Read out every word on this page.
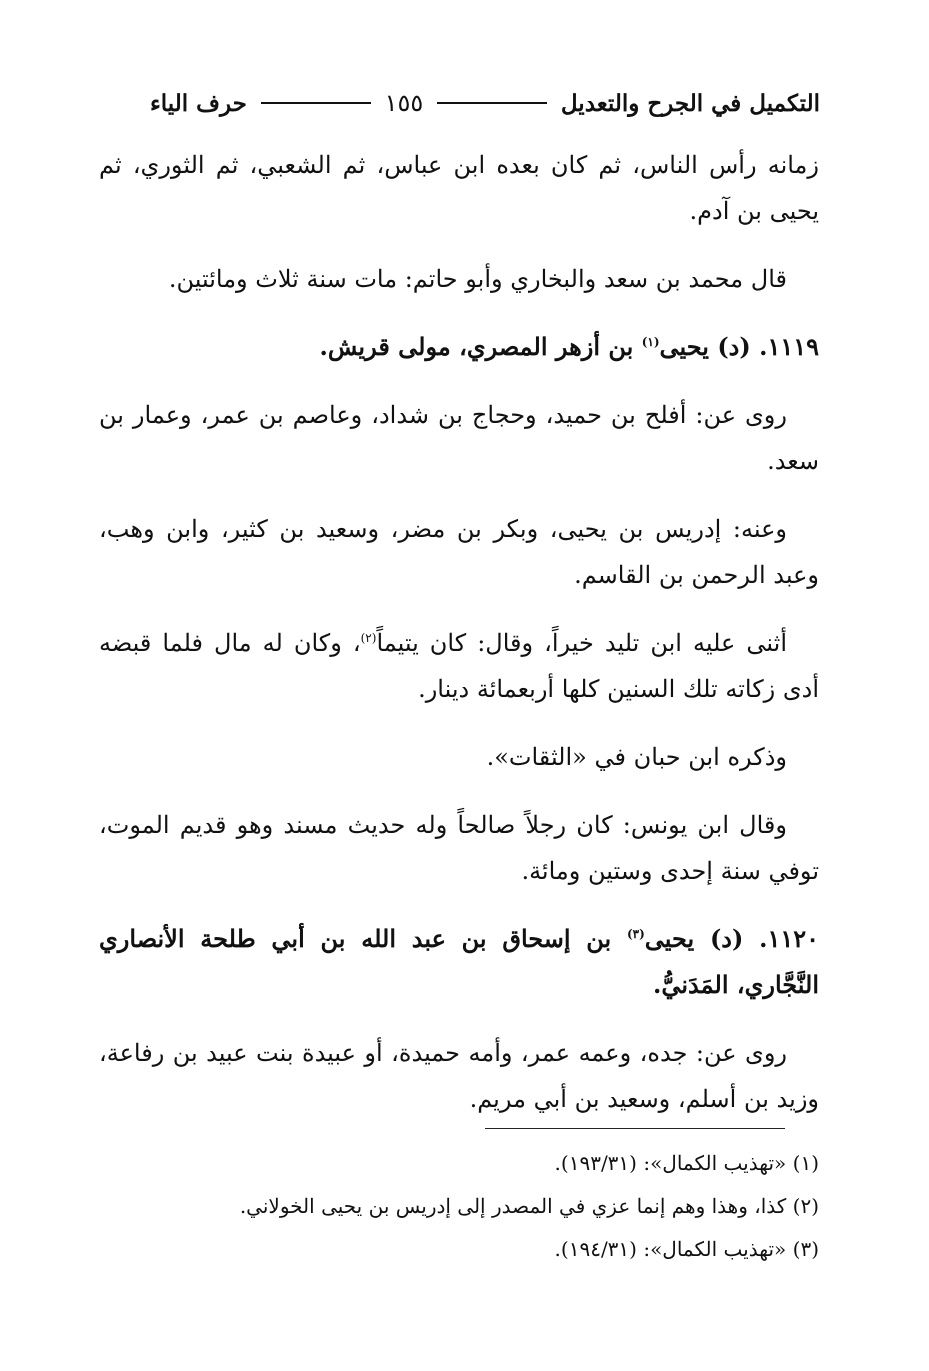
التكميل في الجرح والتعديل
١٥٥
حرف الياء

زمانه رأس الناس، ثم كان بعده ابن عباس، ثم الشعبي، ثم الثوري، ثم يحيى بن آدم.

قال محمد بن سعد والبخاري وأبو حاتم: مات سنة ثلاث ومائتين.

١١١٩. (د) يحيى$^{(١)}$ بن أزهر المصري، مولى قريش.

روى عن: أفلح بن حميد، وحجاج بن شداد، وعاصم بن عمر، وعمار بن سعد.

وعنه: إدريس بن يحيى، وبكر بن مضر، وسعيد بن كثير، وابن وهب، وعبد الرحمن بن القاسم.

أثنى عليه ابن تليد خيراً، وقال: كان يتيماً$^{(٢)}$، وكان له مال فلما قبضه أدى زكاته تلك السنين كلها أربعمائة دينار.

وذكره ابن حبان في «الثقات».

وقال ابن يونس: كان رجلاً صالحاً وله حديث مسند وهو قديم الموت، توفي سنة إحدى وستين ومائة.

١١٢٠. (د) يحيى$^{(٣)}$ بن إسحاق بن عبد الله بن أبي طلحة الأنصاري النَّجَّاري، المَدَنيُّ.

روى عن: جده، وعمه عمر، وأمه حميدة، أو عبيدة بنت عبيد بن رفاعة، وزيد بن أسلم، وسعيد بن أبي مريم.

(١) «تهذيب الكمال»: (١٩٣/٣١).

(٢) كذا، وهذا وهم إنما عزي في المصدر إلى إدريس بن يحيى الخولاني.

(٣) «تهذيب الكمال»: (١٩٤/٣١).
